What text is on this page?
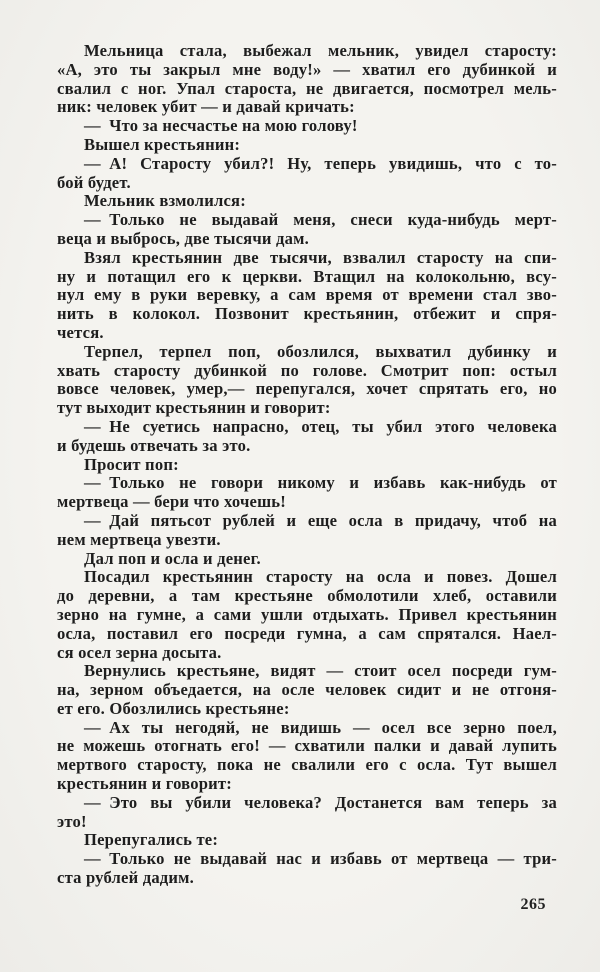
Мельница стала, выбежал мельник, увидел старосту:
«А, это ты закрыл мне воду!» — хватил его дубинкой и
свалил с ног. Упал староста, не двигается, посмотрел мель-
ник: человек убит — и давай кричать:
— Что за несчастье на мою голову!
Вышел крестьянин:
— А! Старосту убил?! Ну, теперь увидишь, что с то-
бой будет.
Мельник взмолился:
— Только не выдавай меня, снеси куда-нибудь мерт-
веца и выбрось, две тысячи дам.
Взял крестьянин две тысячи, взвалил старосту на спи-
ну и потащил его к церкви. Втащил на колокольню, всу-
нул ему в руки веревку, а сам время от времени стал зво-
нить в колокол. Позвонит крестьянин, отбежит и спря-
чется.
Терпел, терпел поп, обозлился, выхватил дубинку и
хвать старосту дубинкой по голове. Смотрит поп: остыл
вовсе человек, умер,— перепугался, хочет спрятать его, но
тут выходит крестьянин и говорит:
— Не суетись напрасно, отец, ты убил этого человека
и будешь отвечать за это.
Просит поп:
— Только не говори никому и избавь как-нибудь от
мертвеца — бери что хочешь!
— Дай пятьсот рублей и еще осла в придачу, чтоб на
нем мертвеца увезти.
Дал поп и осла и денег.
Посадил крестьянин старосту на осла и повез. Дошел
до деревни, а там крестьяне обмолотили хлеб, оставили
зерно на гумне, а сами ушли отдыхать. Привел крестьянин
осла, поставил его посреди гумна, а сам спрятался. Наел-
ся осел зерна досыта.
Вернулись крестьяне, видят — стоит осел посреди гум-
на, зерном объедается, на осле человек сидит и не отгоня-
ет его. Обозлились крестьяне:
— Ах ты негодяй, не видишь — осел все зерно поел,
не можешь отогнать его! — схватили палки и давай лупить
мертвого старосту, пока не свалили его с осла. Тут вышел
крестьянин и говорит:
— Это вы убили человека? Достанется вам теперь за
это!
Перепугались те:
— Только не выдавай нас и избавь от мертвеца — три-
ста рублей дадим.
265
